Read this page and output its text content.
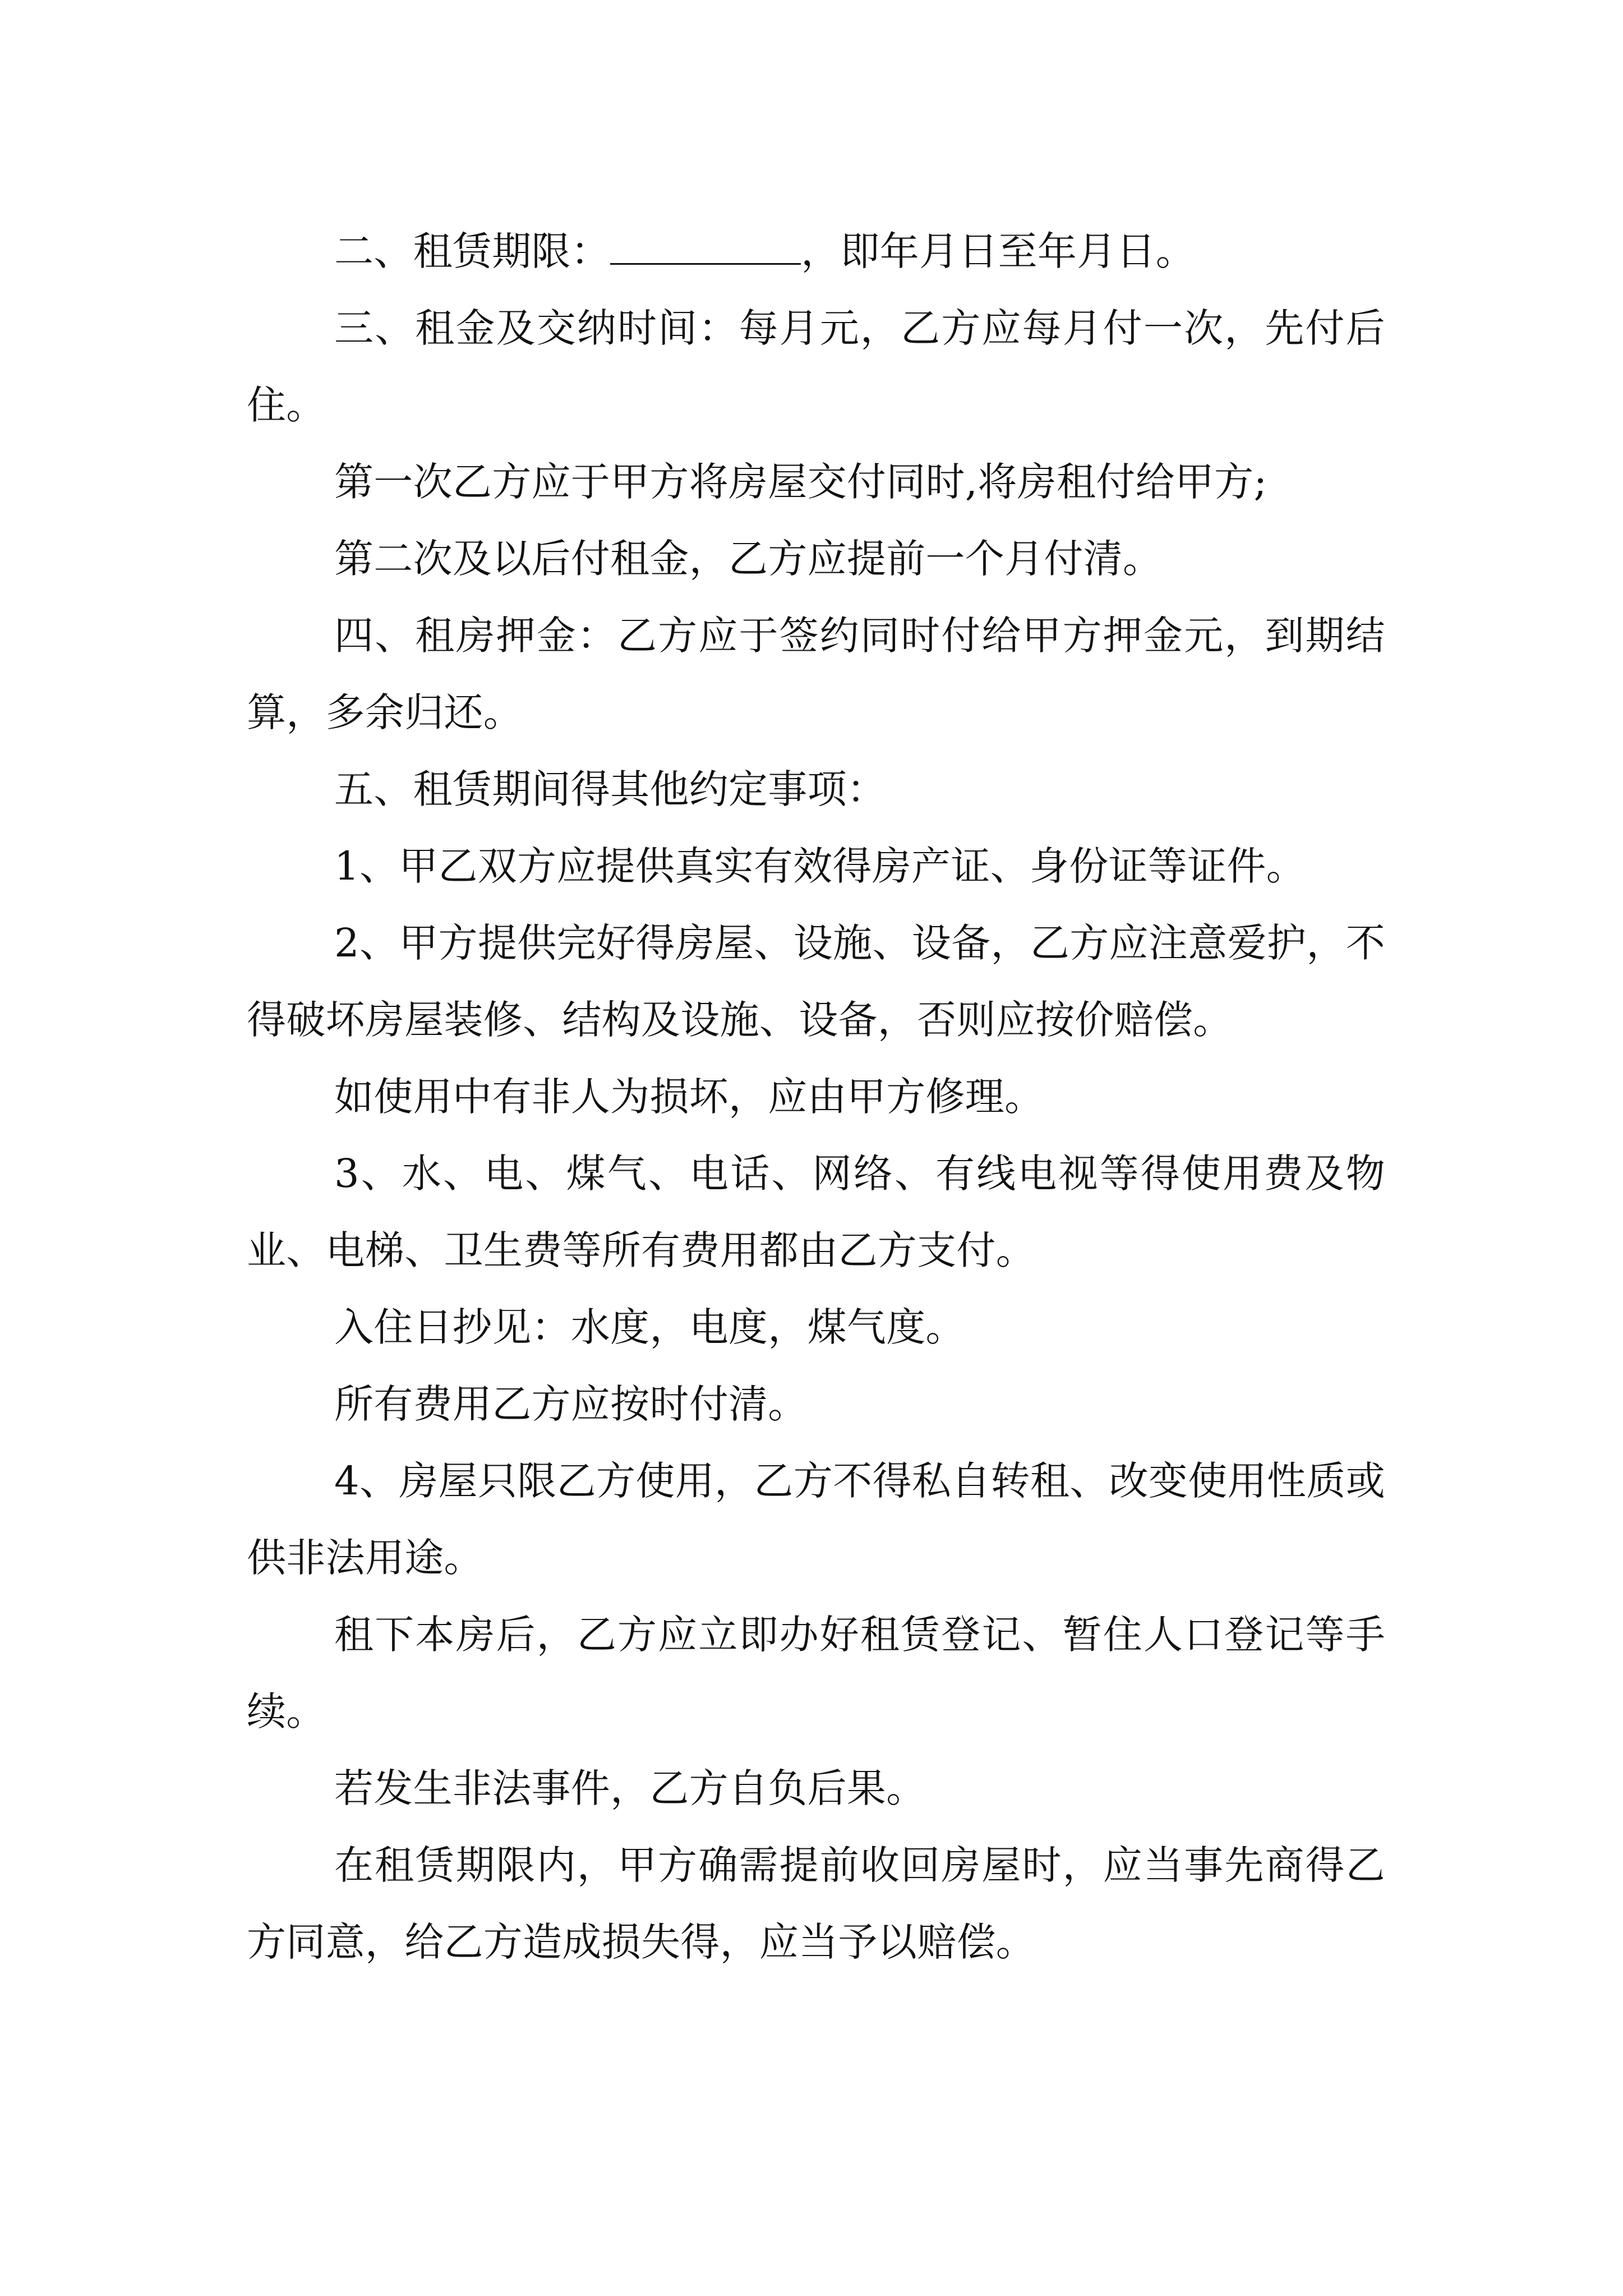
二、租赁期限：	，即年月日至年月日。

三、租金及交纳时间：每月元，乙方应每月付一次，先付后住。

第一次乙方应于甲方将房屋交付同时,将房租付给甲方;

第二次及以后付租金，乙方应提前一个月付清。

四、租房押金：乙方应于签约同时付给甲方押金元，到期结算，多余归还。

五、租赁期间得其他约定事项：

1、甲乙双方应提供真实有效得房产证、身份证等证件。

2、甲方提供完好得房屋、设施、设备，乙方应注意爱护，不得破坏房屋装修、结构及设施、设备，否则应按价赔偿。

如使用中有非人为损坏，应由甲方修理。

3、水、电、煤气、电话、网络、有线电视等得使用费及物业、电梯、卫生费等所有费用都由乙方支付。

入住日抄见：水度，电度，煤气度。

所有费用乙方应按时付清。

4、房屋只限乙方使用，乙方不得私自转租、改变使用性质或供非法用途。

租下本房后，乙方应立即办好租赁登记、暂住人口登记等手续。

若发生非法事件，乙方自负后果。

在租赁期限内，甲方确需提前收回房屋时，应当事先商得乙方同意，给乙方造成损失得，应当予以赔偿。
